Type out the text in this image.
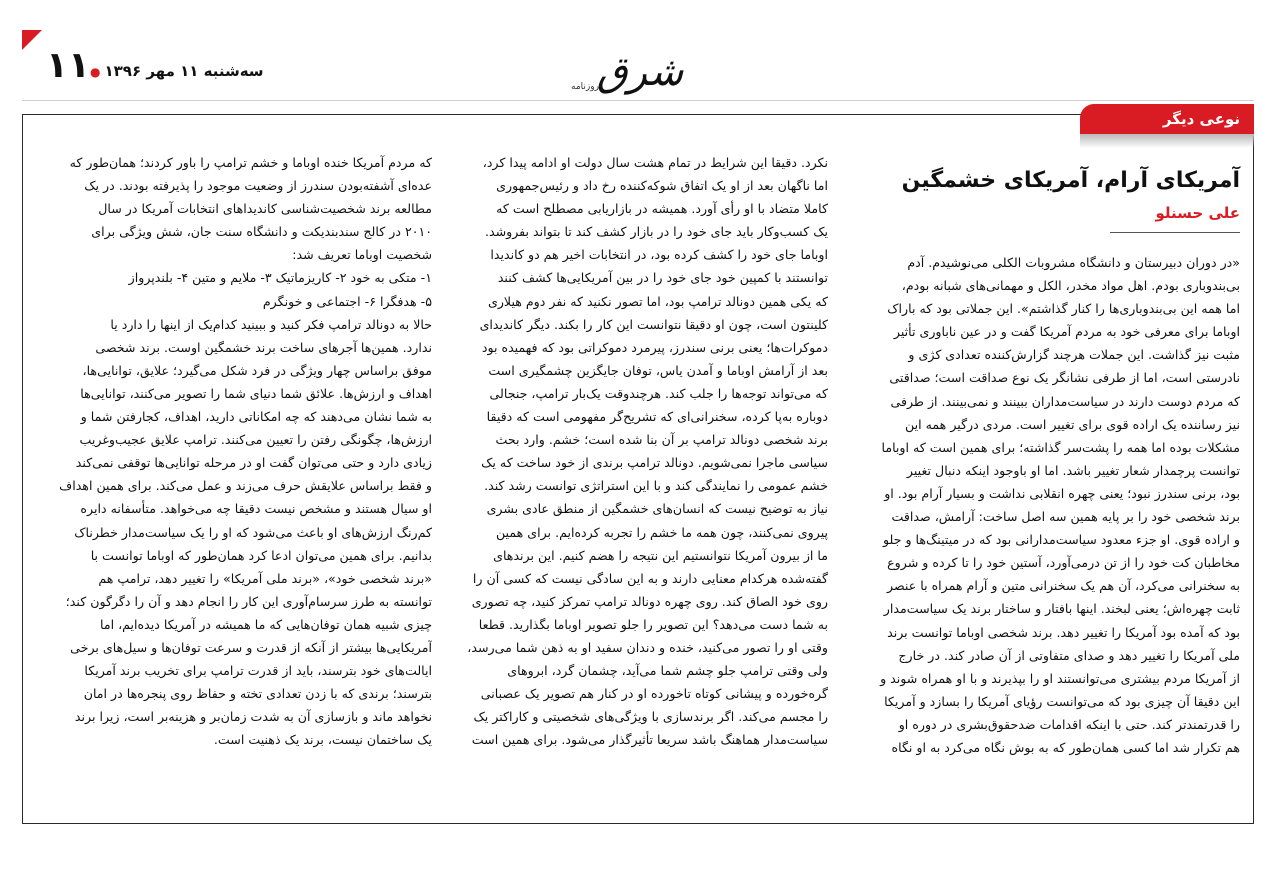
۱۱ سه‌شنبه ۱۱ مهر ۱۳۹۶●	شرق
روزنامه
نوعی دیگر
آمریکای آرام، آمریکای خشمگین
علی حسنلو
«در دوران دبیرستان و دانشگاه مشروبات الکلی می‌نوشیدم. آدم
بی‌بندوباری بودم. اهل مواد مخدر، الکل و مهمانی‌های شبانه بودم،
اما همه این بی‌بندوباری‌ها را کنار گذاشتم». این جملاتی بود که باراک
اوباما برای معرفی خود به مردم آمریکا گفت و در عین ناباوری تأثیر
مثبت نیز گذاشت. این جملات هرچند گزارش‌کننده تعدادی کژی و
نادرستی است، اما از طرفی نشانگر یک نوع صداقت است؛ صداقتی
که مردم دوست دارند در سیاست‌مداران ببینند و نمی‌بینند. از طرفی
نیز رساننده یک اراده قوی برای تغییر است. مردی درگیر همه این
مشکلات بوده اما همه را پشت‌سر گذاشته؛ برای همین است که اوباما
توانست پرچمدار شعار تغییر باشد. اما او باوجود اینکه دنبال تغییر
بود، برنی سندرز نبود؛ یعنی چهره انقلابی نداشت و بسیار آرام بود. او
برند شخصی خود را بر پایه همین سه اصل ساخت: آرامش، صداقت
و اراده قوی. او جزء معدود سیاست‌مدارانی بود که در میتینگ‌ها و جلو
مخاطبان کت خود را از تن درمی‌آورد، آستین خود را تا کرده و شروع
به سخنرانی می‌کرد، آن هم یک سخنرانی متین و آرام همراه با عنصر
ثابت چهره‌اش؛ یعنی لبخند. اینها بافتار و ساختار برند یک سیاست‌مدار
بود که آمده بود آمریکا را تغییر دهد. برند شخصی اوباما توانست برند
ملی آمریکا را تغییر دهد و صدای متفاوتی از آن صادر کند. در خارج
از آمریکا مردم بیشتری می‌توانستند او را بپذیرند و با او همراه شوند و
این دقیقا آن چیزی بود که می‌توانست رؤیای آمریکا را بسازد و آمریکا
را قدرتمندتر کند. حتی با اینکه اقدامات ضدحقوق‌بشری در دوره او
هم تکرار شد اما کسی همان‌طور که به بوش نگاه می‌کرد به او نگاه
نکرد. دقیقا این شرایط در تمام هشت سال دولت او ادامه پیدا کرد،
اما ناگهان بعد از او یک اتفاق شوکه‌کننده رخ داد و رئیس‌جمهوری
کاملا متضاد با او رأی آورد. همیشه در بازاریابی مصطلح است که
یک کسب‌وکار باید جای خود را در بازار کشف کند تا بتواند بفروشد.
اوباما جای خود را کشف کرده بود، در انتخابات اخیر هم دو کاندیدا
توانستند با کمپین خود جای خود را در بین آمریکایی‌ها کشف کنند
که یکی همین دونالد ترامپ بود، اما تصور نکنید که نفر دوم هیلاری
کلینتون است، چون او دقیقا نتوانست این کار را بکند. دیگر کاندیدای
دموکرات‌ها؛ یعنی برنی سندرز، پیرمرد دموکراتی بود که فهمیده بود
بعد از آرامش اوباما و آمدن یاس، توفان جایگزین چشمگیری است
که می‌تواند توجه‌ها را جلب کند. هرچندوقت یک‌بار ترامپ، جنجالی
دوباره به‌پا کرده، سخنرانی‌ای که تشریح‌گر مفهومی است که دقیقا
برند شخصی دونالد ترامپ بر آن بنا شده است؛ خشم. وارد بحث
سیاسی ماجرا نمی‌شویم. دونالد ترامپ برندی از خود ساخت که یک
خشم عمومی را نمایندگی کند و با این استراتژی توانست رشد کند.
نیاز به توضیح نیست که انسان‌های خشمگین از منطق عادی بشری
پیروی نمی‌کنند، چون همه ما خشم را تجربه کرده‌ایم. برای همین
ما از بیرون آمریکا نتوانستیم این نتیجه را هضم کنیم. این برندهای
گفته‌شده هرکدام معنایی دارند و به این سادگی نیست که کسی آن را
روی خود الصاق کند. روی چهره دونالد ترامپ تمرکز کنید، چه تصوری
به شما دست می‌دهد؟ این تصویر را جلو تصویر اوباما بگذارید. قطعا
وقتی او را تصور می‌کنید، خنده و دندان سفید او به ذهن شما می‌رسد،
ولی وقتی ترامپ جلو چشم شما می‌آید، چشمان گرد، ابروهای
گره‌خورده و پیشانی کوتاه تاخورده او در کنار هم تصویر یک عصبانی
را مجسم می‌کند. اگر برندسازی با ویژگی‌های شخصیتی و کاراکتر یک
سیاست‌مدار هماهنگ باشد سریعا تأثیرگذار می‌شود. برای همین است
که مردم آمریکا خنده اوباما و خشم ترامپ را باور کردند؛ همان‌طور که
عده‌ای آشفته‌بودن سندرز از وضعیت موجود را پذیرفته بودند. در یک
مطالعه برند شخصیت‌شناسی کاندیداهای انتخابات آمریکا در سال
۲۰۱۰ در کالج سندبندیکت و دانشگاه سنت جان، شش ویژگی برای
شخصیت اوباما تعریف شد:
۱- متکی به خود ۲- کاریزماتیک ۳- ملایم و متین ۴- بلندپرواز
۵- هدفگرا ۶- اجتماعی و خونگرم
حالا به دونالد ترامپ فکر کنید و ببینید کدام‌یک از اینها را دارد یا
ندارد. همین‌ها آجرهای ساخت برند خشمگین اوست. برند شخصی
موفق براساس چهار ویژگی در فرد شکل می‌گیرد؛ علایق، توانایی‌ها،
اهداف و ارزش‌ها. علائق شما دنیای شما را تصویر می‌کنند، توانایی‌ها
به شما نشان می‌دهند که چه امکاناتی دارید، اهداف، کجارفتن شما و
ارزش‌ها، چگونگی رفتن را تعیین می‌کنند. ترامپ علایق عجیب‌وغریب
زیادی دارد و حتی می‌توان گفت او در مرحله توانایی‌ها توقفی نمی‌کند
و فقط براساس علایقش حرف می‌زند و عمل می‌کند. برای همین اهداف
او سیال هستند و مشخص نیست دقیقا چه می‌خواهد. متأسفانه دایره
کم‌رنگ ارزش‌های او باعث می‌شود که او را یک سیاست‌مدار خطرناک
بدانیم. برای همین می‌توان ادعا کرد همان‌طور که اوباما توانست با
«برند شخصی خود»، «برند ملی آمریکا» را تغییر دهد، ترامپ هم
توانسته به طرز سرسام‌آوری این کار را انجام دهد و آن را دگرگون کند؛
چیزی شبیه همان توفان‌هایی که ما همیشه در آمریکا دیده‌ایم، اما
آمریکایی‌ها بیشتر از آنکه از قدرت و سرعت توفان‌ها و سیل‌های برخی
ایالت‌های خود بترسند، باید از قدرت ترامپ برای تخریب برند آمریکا
بترسند؛ برندی که با زدن تعدادی تخته و حفاظ روی پنجره‌ها در امان
نخواهد ماند و بازسازی آن به شدت زمان‌بر و هزینه‌بر است، زیرا برند
یک ساختمان نیست، برند یک ذهنیت است.
